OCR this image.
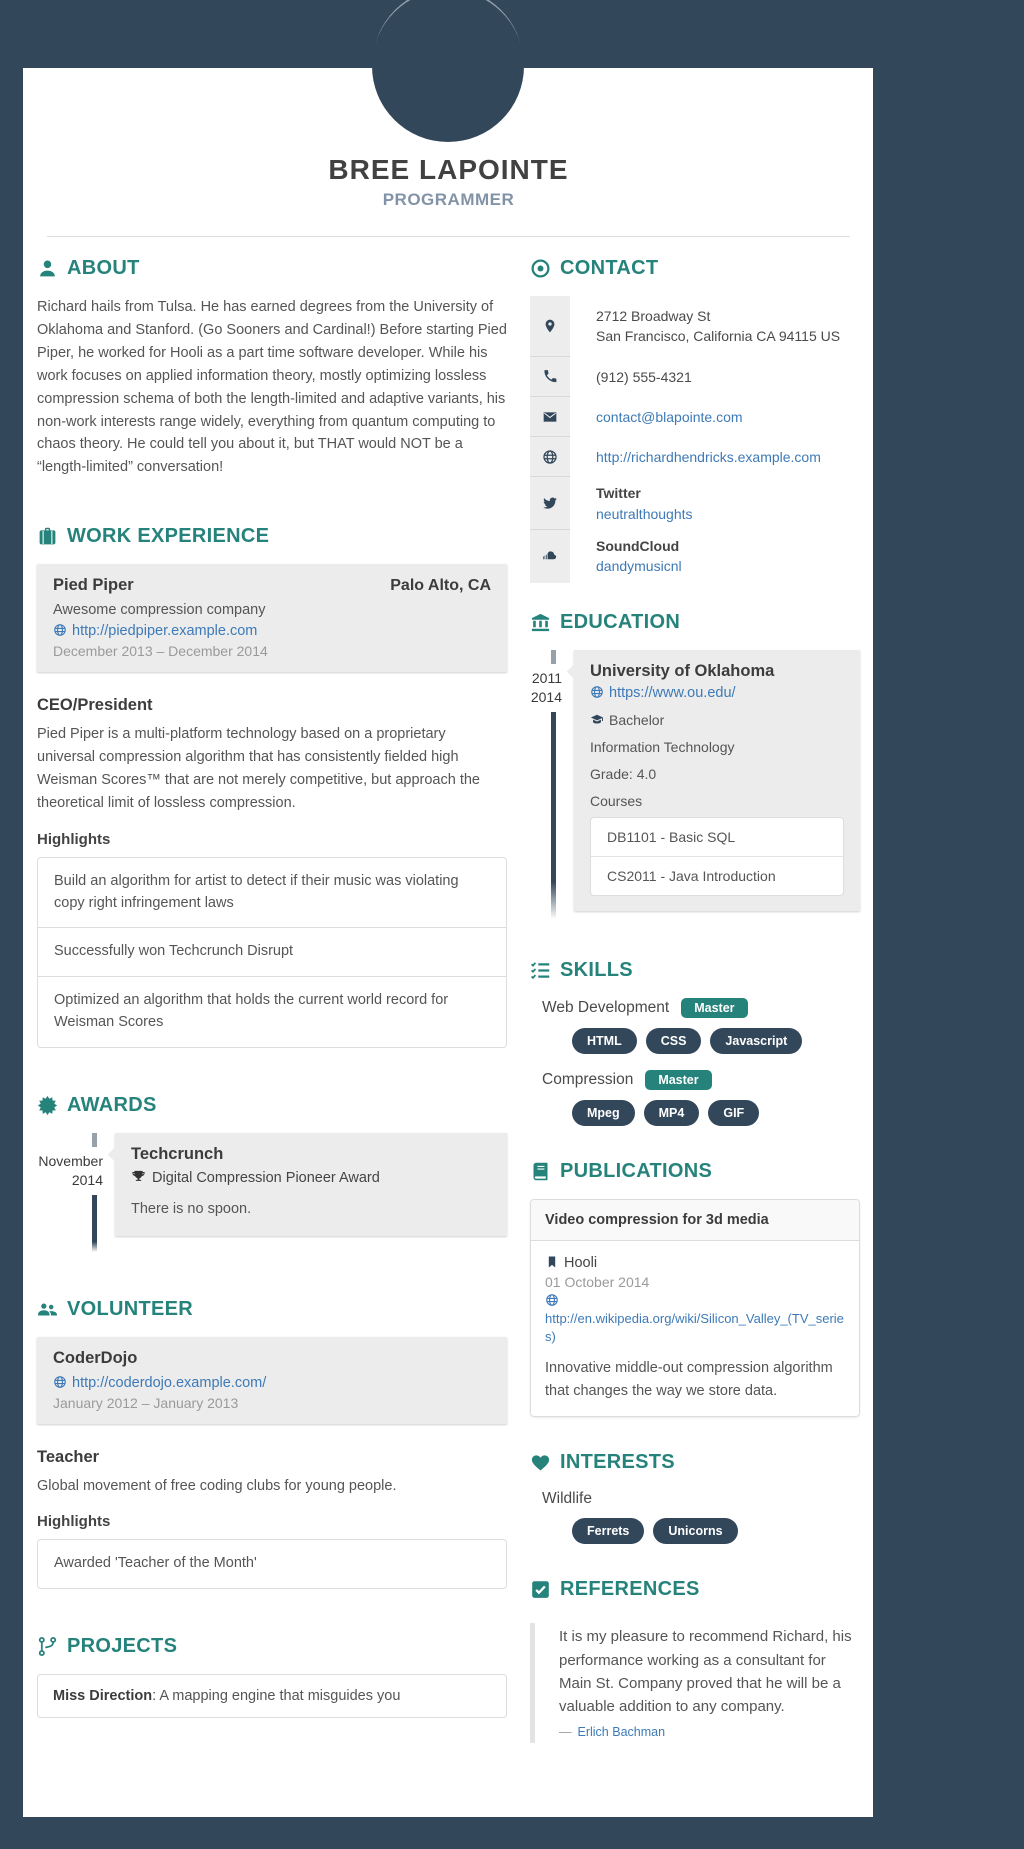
BREE LAPOINTE
PROGRAMMER
ABOUT

Richard hails from Tulsa. He has earned degrees from the University of Oklahoma and Stanford. (Go Sooners and Cardinal!) Before starting Pied Piper, he worked for Hooli as a part time software developer. While his work focuses on applied information theory, mostly optimizing lossless compression schema of both the length-limited and adaptive variants, his non-work interests range widely, everything from quantum computing to chaos theory. He could tell you about it, but THAT would NOT be a “length-limited” conversation!

WORK EXPERIENCE
Pied Piper	Palo Alto, CA

Awesome compression company

http://piedpiper.example.com

December 2013 – December 2014
CEO/President

Pied Piper is a multi-platform technology based on a proprietary universal compression algorithm that has consistently fielded high Weisman Scores™ that are not merely competitive, but approach the theoretical limit of lossless compression.

Highlights
Build an algorithm for artist to detect if their music was violating copy right infringement laws
Successfully won Techcrunch Disrupt
Optimized an algorithm that holds the current world record for Weisman Scores
AWARDS
November
2014
Techcrunch
Digital Compression Pioneer Award

There is no spoon.

VOLUNTEER
CoderDojo

http://coderdojo.example.com/

January 2012 – January 2013
Teacher

Global movement of free coding clubs for young people.

Highlights
Awarded 'Teacher of the Month'
PROJECTS
Miss Direction: A mapping engine that misguides you
CONTACT
2712 Broadway St
San Francisco, California CA 94115 US
(912) 555-4321
contact@blapointe.com
http://richardhendricks.example.com
Twitter
neutralthoughts
SoundCloud
dandymusicnl
EDUCATION
2011
2014
University of Oklahoma
https://www.ou.edu/
Bachelor
Information Technology
Grade: 4.0
Courses
DB1101 - Basic SQL
CS2011 - Java Introduction
SKILLS
Web Development	Master
HTML	CSS	Javascript
Compression	Master
Mpeg	MP4	GIF
PUBLICATIONS
Video compression for 3d media
Hooli
01 October 2014
http://en.wikipedia.org/wiki/Silicon_Valley_(TV_series)

Innovative middle-out compression algorithm that changes the way we store data.

INTERESTS
Wildlife
Ferrets	Unicorns
REFERENCES

It is my pleasure to recommend Richard, his performance working as a consultant for Main St. Company proved that he will be a valuable addition to any company.

— Erlich Bachman
